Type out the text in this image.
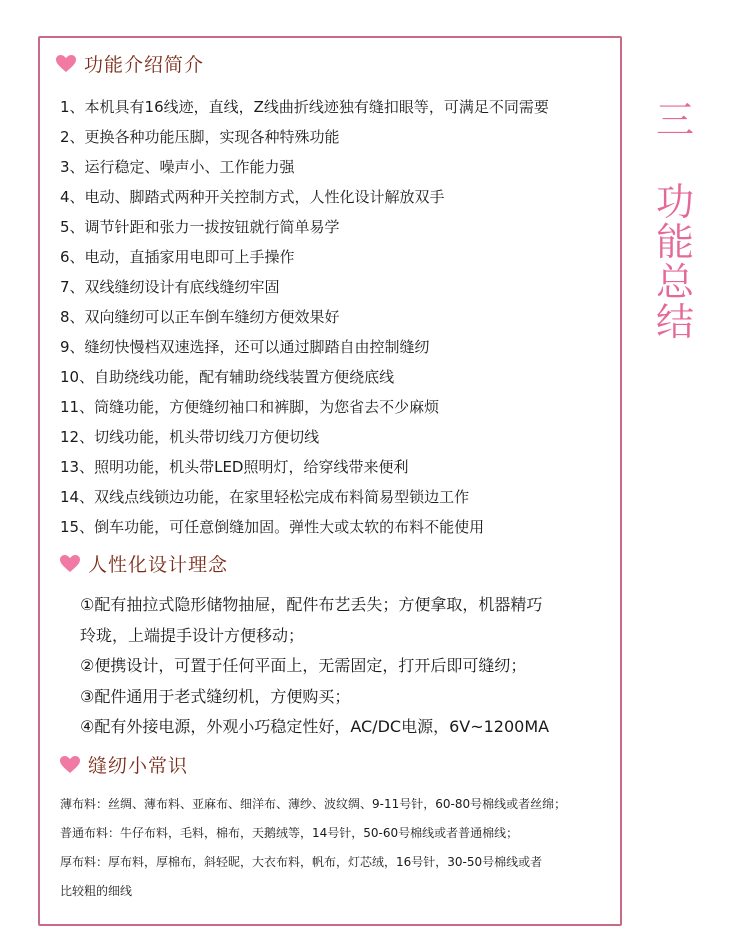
功能介绍简介
1、 本机具有16线迹，直线，Z线曲折线迹独有缝扣眼等，可满足不同需要
2、 更换各种功能压脚，实现各种特殊功能
3、 运行稳定、噪声小、工作能力强
4、 电动、脚踏式两种开关控制方式，人性化设计解放双手
5、 调节针距和张力一拔按钮就行简单易学
6、 电动，直插家用电即可上手操作
7、 双线缝纫设计有底线缝纫牢固
8、 双向缝纫可以正车倒车缝纫方便效果好
9、 缝纫快慢档双速选择，还可以通过脚踏自由控制缝纫
10、 自助绕线功能，配有辅助绕线装置方便绕底线
11、 筒缝功能，方便缝纫袖口和裤脚，为您省去不少麻烦
12、 切线功能，机头带切线刀方便切线
13、 照明功能，机头带LED照明灯，给穿线带来便利
14、 双线点线锁边功能，在家里轻松完成布料简易型锁边工作
15、 倒车功能，可任意倒缝加固。弹性大或太软的布料不能使用
人性化设计理念
①配有抽拉式隐形储物抽屉，配件布艺丢失；方便拿取，机器精巧
玲珑，上端提手设计方便移动；
②便携设计，可置于任何平面上，无需固定，打开后即可缝纫；
③配件通用于老式缝纫机，方便购买；
④配有外接电源，外观小巧稳定性好，AC/DC电源，6V~1200MA
缝纫小常识
薄布料：丝绸、薄布料、亚麻布、细洋布、薄纱、波纹绸、9-11号针，60-80号棉线或者丝绵；
普通布料：牛仔布料，毛料，棉布，天鹅绒等，14号针，50-60号棉线或者普通棉线；
厚布料：厚布料，厚棉布，斜轻昵，大衣布料，帆布，灯芯绒，16号针，30-50号棉线或者
比较粗的细线
三
功
能
总
结
